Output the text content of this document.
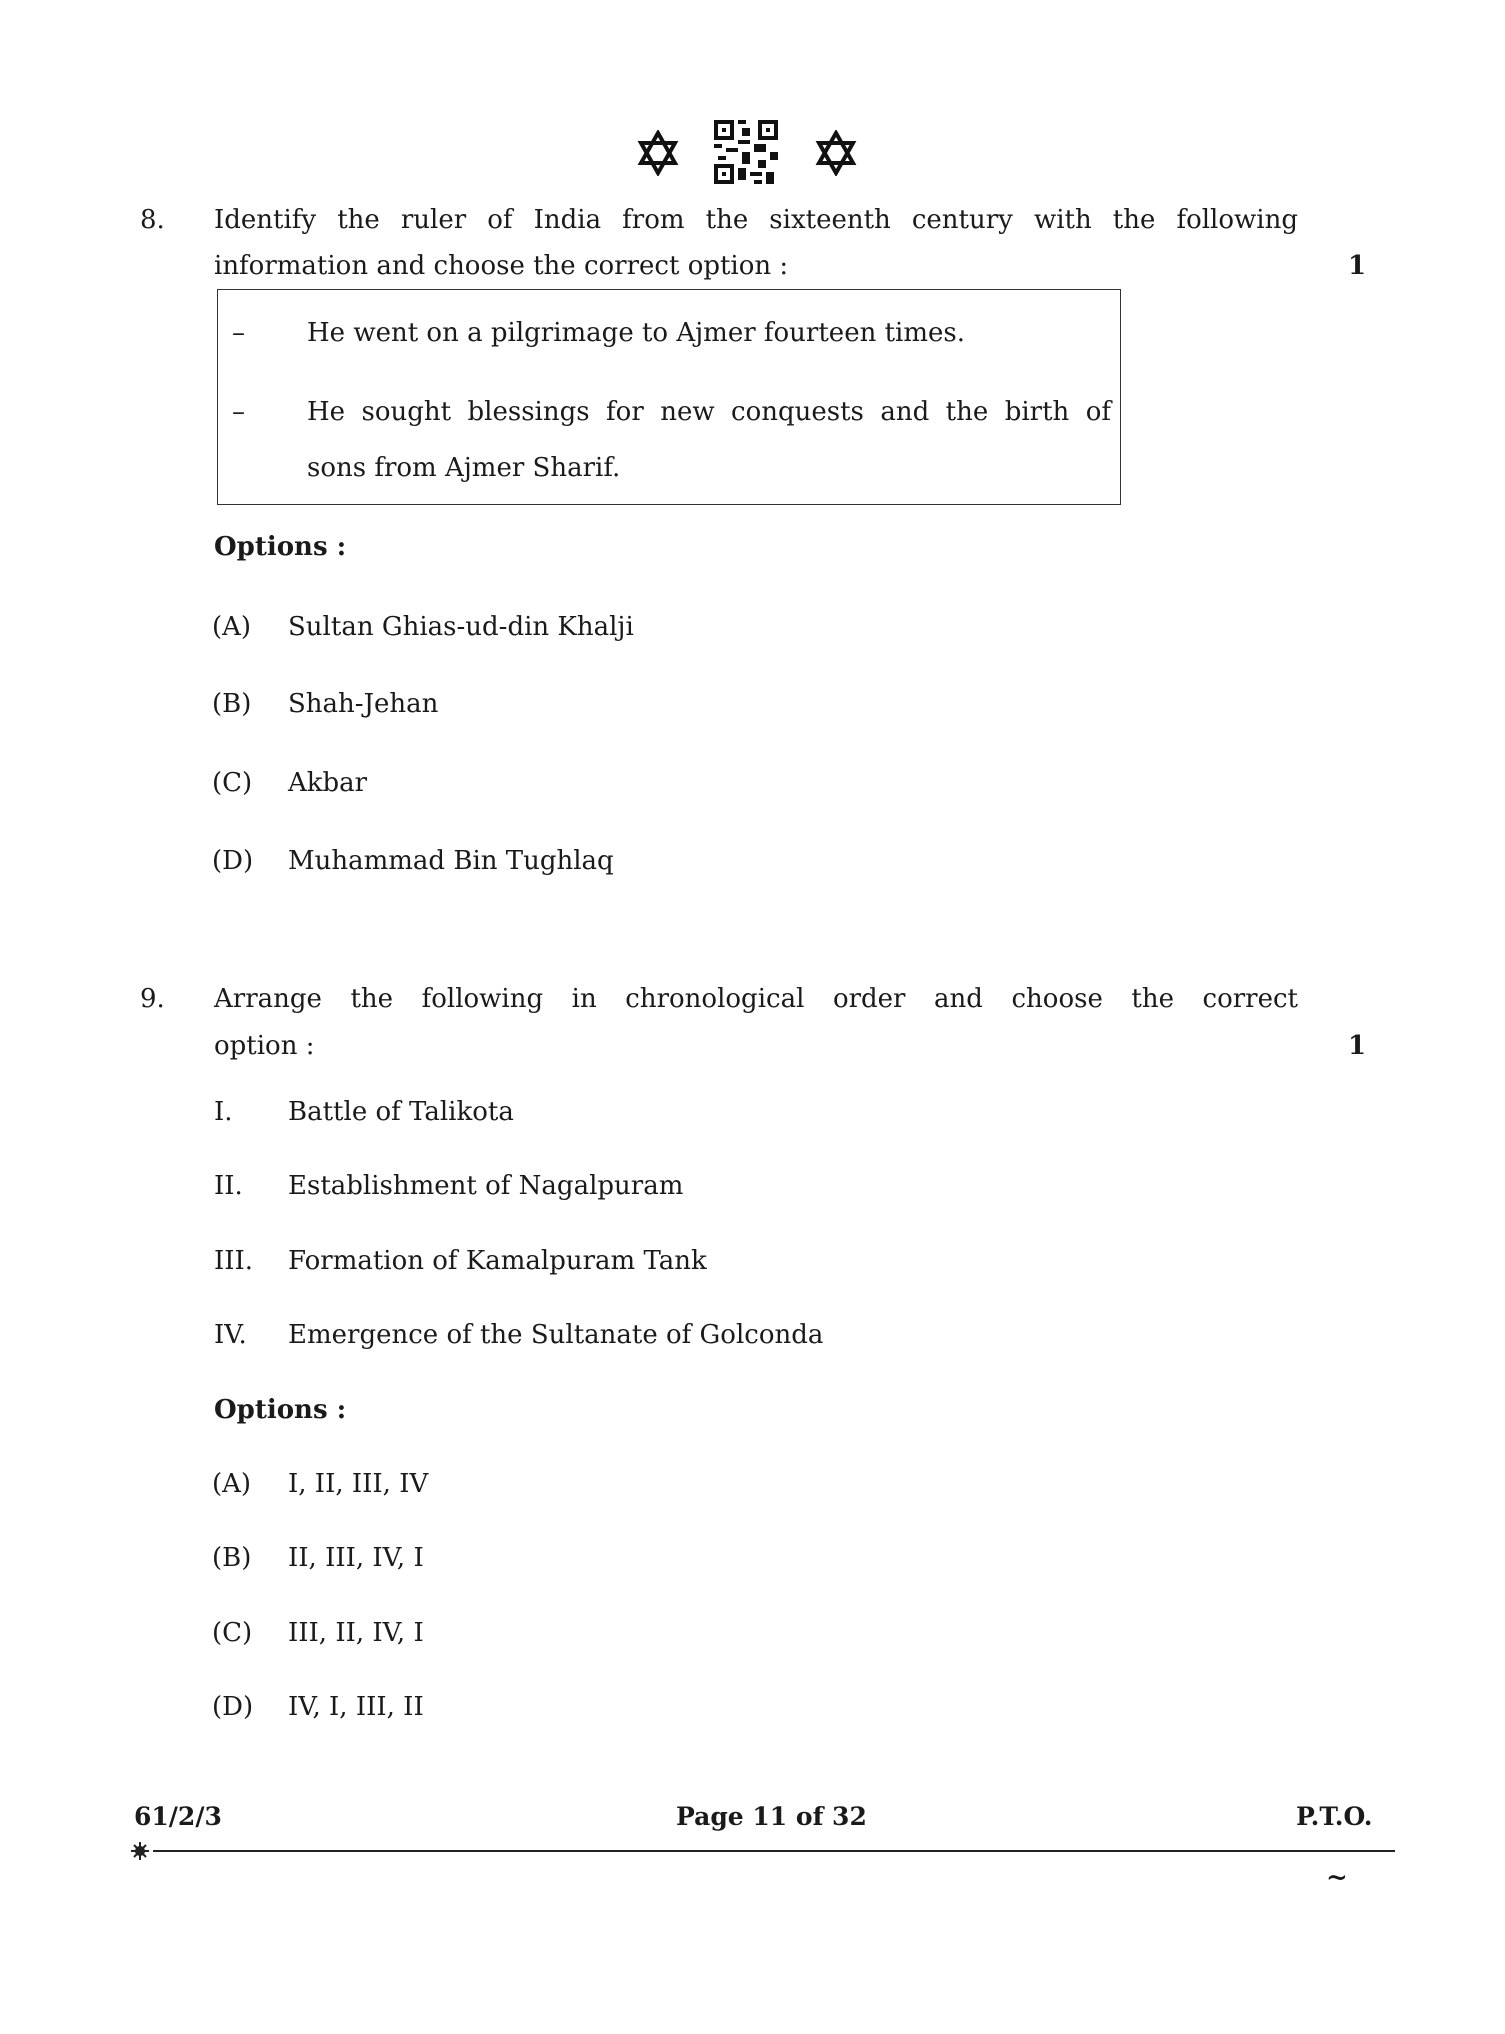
8. Identify the ruler of India from the sixteenth century with the following
information and choose the correct option :	1
– He went on a pilgrimage to Ajmer fourteen times.
– He sought blessings for new conquests and the birth of
sons from Ajmer Sharif.
Options :
(A) Sultan Ghias-ud-din Khalji
(B) Shah-Jehan
(C) Akbar
(D) Muhammad Bin Tughlaq
9. Arrange the following in chronological order and choose the correct
option :	1
I. Battle of Talikota
II. Establishment of Nagalpuram
III. Formation of Kamalpuram Tank
IV. Emergence of the Sultanate of Golconda
Options :
(A) I, II, III, IV
(B) II, III, IV, I
(C) III, II, IV, I
(D) IV, I, III, II
61/2/3	Page 11 of 32	P.T.O.
~
